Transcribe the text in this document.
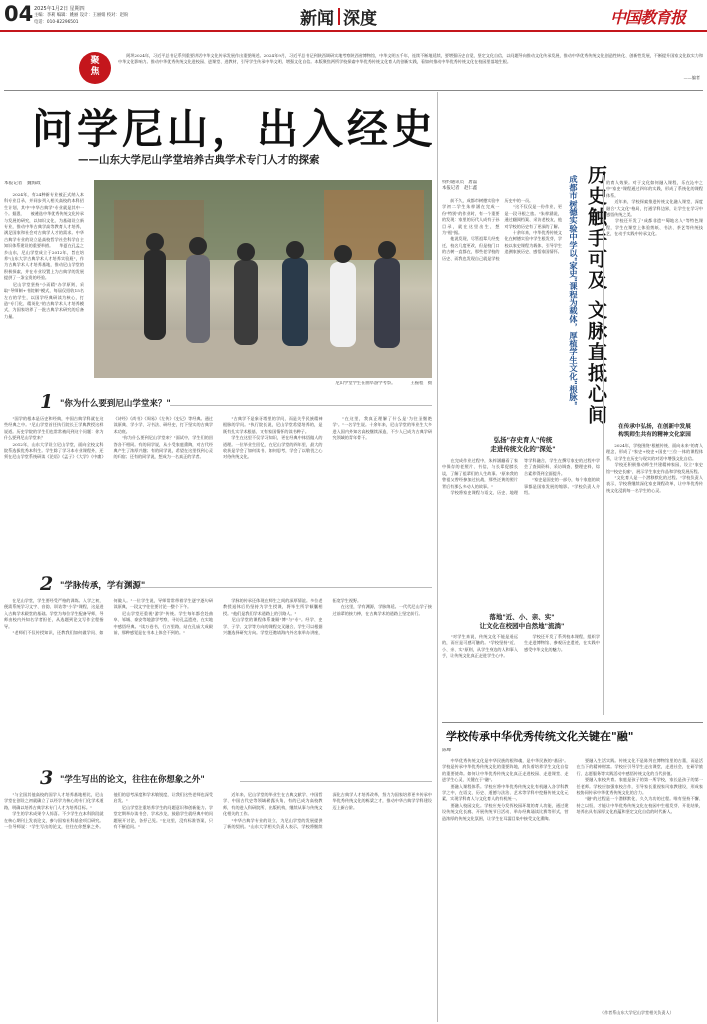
04 2025年1月2日 星期四
主编：李莉 编辑：姚丽 设计：王丽娟 校对：赵盼
电话：010-82296501	新闻 深度	中国教育报
聚
焦
　　阿坝2024年，习近平总书记系列重要讲话中华文化传承发展作出重要阐述。2024年9月，习近平总书记到陕西调研实地考察陕西省博物馆，中华文明五千年，连续不断地延续，要增强历史自觉，坚定文化自信，以问题导向推动文化传承发展，推动中华优秀传统文化创造性转化、创新性发展，不断提升国家文化软实力和中华文化影响力。推动中华优秀传统文化进校园、进课堂、进教材，引导学生传承中华文明、增强文化自信。本版聚焦两所学校探索中华优秀传统文化育人的创新实践，看如何推动中华优秀传统文化在校园里落地生根。
——编者
问学尼山，出入经史
——山东大学尼山学堂培养古典学术专门人才的探索
本报记者　魏海政
　　2024年，有24种新专业被正式纳入本科专业目录，并同步列入相关高校的本科招生计划，其中"中华古典学"专业就是其中一个。据悉，　　被遴选中华优秀传统文化传承与发展的研究，以知识文化、为基础设立新专业，推动中华古典学高等教育人才培养，满足国家和社会对古典学人才的需求。中华古典学专业的设立是高校哲学社会科学自主知识体系建设的重要举措。　　华夏在孔孟之乡山东，尼山学堂成立于2012年，旨在培养"山东大学古典学术人才培养实验班"，作为古典学术人才培养基地，推动尼山学堂的积极探索，并在专业设置上为古典学的发展提供了一条宝贵的经验。
　　尼山学堂坚持"小而精"办学原则，采取"导师制+书院制"模式，每届仅招收15名左右的学生，以国学经典研读为核心，打造"专门化、精英化"的古典学术人才培养模式，为国家培养了一批古典学术研究的后备力量。
尼山学堂学生在曲阜游学考察。　　　　王振程　摄
1 "你为什么要到尼山学堂来？"
　　"国学的根本是历史和经典，中国古典学科就在这些经典之中。"尼山学堂首任执行院长王学典教授这样说道。历史学院的学生们也常常被问到这个问题：你为什么要到尼山学堂来？
　　2012年，山东大学设立尼山学堂，面向全校文科院系选拔优秀本科生。学生除了学习本专业课程外，还须在尼山学堂系统研读《论语》《孟子》《大学》《中庸》《诗经》《尚书》《周易》《左传》《史记》等经典。通过读原典、学小学、习书法、研经史，打下坚实的古典学术功底。
　　"你为什么要到尼山学堂来？"面试中，学生们的回答各不相同。有的同学说，从小受家庭熏陶，对古代经典产生了浓厚兴趣；有的同学说，希望在这里找到心灵的归宿；还有的同学说，想成为一名真正的学者。
　　"古典学不是象牙塔里的学问，而是关乎民族精神根脉的学问。"执行院长说，尼山学堂希望培养的，是既有扎实学术根基、又有家国情怀的读书种子。
　　学生在这里不仅学习知识，更在经典中体悟做人的道理。一位毕业生回忆，在尼山学堂的四年里，最大的收获是学会了如何读书、如何思考，学会了以敬畏之心对待传统文化。
　　"在这里，我真正理解了什么是'为往圣继绝学'。"一名学生说。十余年来，尼山学堂的毕业生大多进入国内外知名高校继续深造，不少人已成为古典学研究领域的青年骨干。
2 "学脉传承，学有渊源"
　　在尼山学堂，学生要经受严格的训练。入学之初，便需系统学习文字、音韵、训诂等"小学"课程，这是进入古典学术殿堂的基础。学堂为每位学生配备导师，导师由校内外知名学者担任，从选题到论文写作全程指导。
　　"老师们不仅传授知识，还教我们如何做学问、如何做人。"一位学生说，导师常常带着学生逐字逐句研读原典，一段文字往往要讨论一整个下午。
　　尼山学堂还重视"游学"传统。学生每年都会赴曲阜、邹城、泰安等地游学考察，寻访孔孟遗迹，在实地中感悟经典。"读万卷书，行万里路，站在孔庙大成殿前，那种感觉是在书本上体会不到的。"
　　学脉的传承还体现在师生之间的深厚情谊。多位老教授退休后仍坚持为学生授课，将毕生所学倾囊相授。"他们是我们学术道路上的引路人。"
　　尼山学堂的课程体系兼顾"博"与"专"。经学、史学、子学、文学等方向的课程交叉融合，学生可以根据兴趣选择研究方向。学堂还邀请海内外名家举办讲座，拓宽学生视野。
　　在这里，学有渊源，学脉绵延。一代代尼山学子接过前辈的接力棒，在古典学术的道路上坚定前行。
3 "学生写出的论文，往往在你想象之外"
　　"与全国其他高校的国学人才培养基地相比，尼山学堂在创设之初就确立了以经学为核心的专门化学术道路，明确以培养古典学术专门人才为培养目标。"
　　学生的学术成果令人惊喜。不少学生在本科阶段就在核心期刊上发表论文，参与国家社科基金项目研究。一位导师说："学生写出的论文，往往在你想象之外。他们的思考深度和学术敏锐度，让我们这些老师也深受启发。"
　　尼山学堂注重培养学生的问题意识和创新能力。学堂定期举办读书会、学术沙龙，鼓励学生就经典中的问题展开讨论，各抒己见。"在这里，没有标准答案，只有不断追问。"
　　近年来，尼山学堂的毕业生在古典文献学、中国哲学、中国古代史等领域崭露头角，有的已成为高校教师，有的进入科研院所、出版机构，继续从事与传统文化相关的工作。
　　"中华古典学专业的设立，为尼山学堂的发展提供了新的契机。"山东大学相关负责人表示，学校将继续深化古典学人才培养改革，努力为国家培养更多传承中华优秀传统文化的栋梁之才，推动中华古典学学科建设迈上新台阶。
特约通讯员　唐磊
本报记者　赵仁鑫
　　前不久，成都市树德实验中学初二学生朱梓涵在完成一份"特别"的作业时，有一个重要的发现：家里的历代人成有子孙目录，就在这里出生，想为"根"据。
　　他说发现，尽管祖辈几经变迁，校名几度更改，但是校门口的古树一直都在，那些老学校的历史、而我也发现自己就是学校历史中的一员。
　　"这不仅仅是一份作业，更是一段寻根之旅。"朱梓涵说，通过翻阅档案、采访老校友，他对学校的历史有了更深的了解。
　　十余年来，中华优秀传统文化在树德实验中学生根发芽，学校以家史课程为载体，引导学生追溯家族历史、感悟家国情怀。 成都市树德实验中学以"家史"课程为载体，厚植学生文化"根脉" 历史触手可及 文脉直抵心间
弘扬"存史育人"传统
走进传统文化的"深处"
　　在完成作业过程中，朱梓涵翻看了家中保存的老照片、书信，与长辈促膝长谈，了解了祖辈们的人生故事。"原来我的曾祖父曾经参加过抗战，那些泛黄的照片背后有那么多动人的故事。"
　　学校将家史课程与语文、历史、地理等学科融合，学生在撰写家史的过程中学会了查阅资料、采访调查、整理史料，综合素养得到全面提升。
　　"家史是国史的一部分，每个家庭的故事都是国家发展的缩影。"学校负责人介绍。
落地"近、小、亲、实"
让文化在校园中自然地"流淌"
　　"对学生来说，传统文化不能是遥远的，而应是可感可触的。"学校坚持"近、小、亲、实"原则，从学生身边的人和事入手，让传统文化真正走进学生心中。
　　学校还开发了系列校本课程，组织学生走进博物馆、参观历史遗迹，在实践中感受中华文化的魅力。
的育人效果。对于文化如何融入课程，乐在沁中之中"家史"课程通过四年的实践，形成了系统化的课程体系。
　　近年来，学校探索推进传统文化融入课堂，深度融合"大文化"格局，打通学科边界，让学生在学习中感悟传统之美。
　　学校还开发了"成都非遗""蜀地名人"等特色课程，学生在课堂上体验剪纸、书法、茶艺等传统技艺，在动手实践中传承文化。
在传承中弘扬，在创新中发展
构筑师生共有的精神文化家园
　　2024年，学校围绕"根植传统、面向未来"的育人理念，形成了"家史+校史+国史"三位一体的课程体系，让学生在历史与现实的对话中增强文化自信。
　　学校还积极推动师生共建精神家园，设立"家史馆""校史长廊"，展示学生家史作品和学校发展历程。
　　"文化育人是一个潜移默化的过程。"学校负责人表示，学校将继续深化家史课程改革，让中华优秀传统文化浸润每一名学生的心灵。
学校传承中华优秀传统文化关键在"融"
陈峰
　　中华优秀传统文化是中华民族的根和魂，是中华民族的"基因"。学校是传承中华优秀传统文化的重要阵地，肩负着培养学生文化自信的重要使命。如何让中华优秀传统文化真正走进校园、走进课堂、走进学生心灵，关键在于"融"。
　　要融入课程体系。学校应将中华优秀传统文化有机融入各学科教学之中，在语文、历史、道德与法治、艺术等学科中挖掘传统文化元素，实现学科育人与文化育人的有机统一。
　　要融入校园文化。学校应充分发挥校园环境的育人功能，通过建设传统文化长廊、开展传统节日活动、举办经典诵读比赛等形式，营造浓厚的传统文化氛围，让学生在耳濡目染中接受文化熏陶。
　　要融入生活实践。传统文化不是陈列在博物馆里的古董，而是活在当下的精神财富。学校应引导学生走出课堂，走进社会，在研学旅行、志愿服务等实践活动中感悟传统文化的当代价值。
　　要融入家校共育。家庭是孩子的第一所学校，家长是孩子的第一任老师。学校应加强家校合作，引导家长重视家风家教建设，形成家校协同传承中华优秀传统文化的合力。
　　"融"的过程是一个潜移默化、久久为功的过程。唯有坚持不懈、持之以恒，才能让中华优秀传统文化在校园中生根发芽、开花结果，培养出具有深厚文化底蕴和坚定文化自信的时代新人。
（作者系山东大学尼山学堂相关负责人）
